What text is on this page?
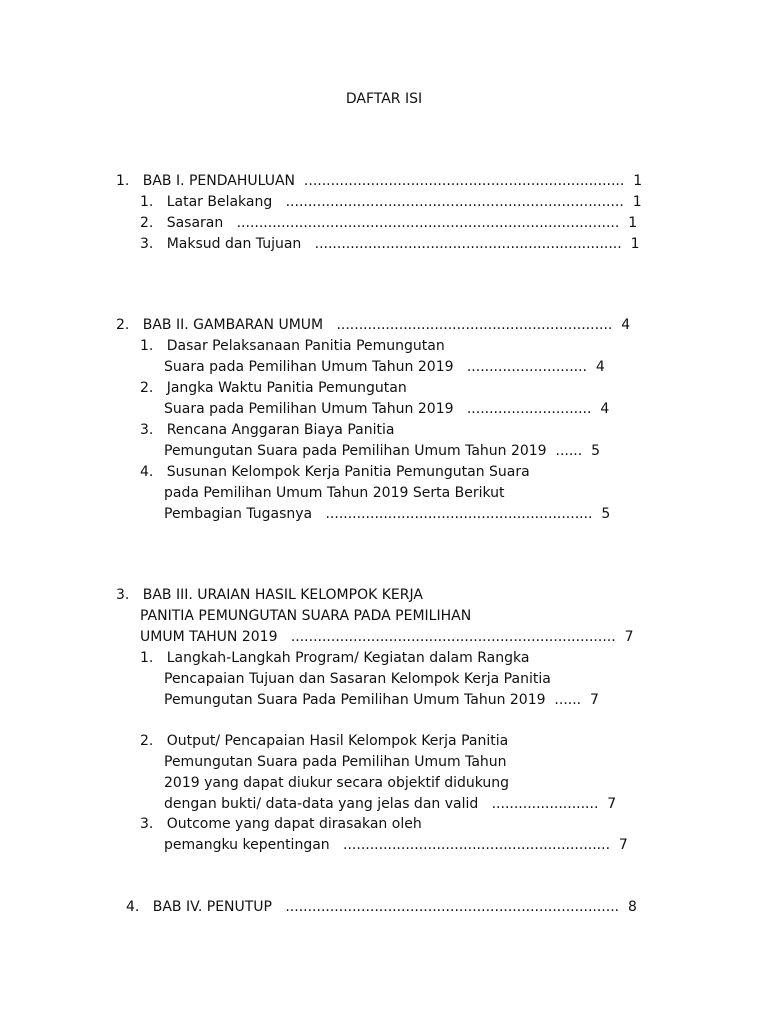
DAFTAR ISI
1.   BAB I. PENDAHULUAN  ........................................................................  1
1.   Latar Belakang   ............................................................................  1
2.   Sasaran   ......................................................................................  1
3.   Maksud dan Tujuan   .....................................................................  1
2.   BAB II. GAMBARAN UMUM   ..............................................................  4
1.   Dasar Pelaksanaan Panitia Pemungutan
Suara pada Pemilihan Umum Tahun 2019   ...........................  4
2.   Jangka Waktu Panitia Pemungutan
Suara pada Pemilihan Umum Tahun 2019   ............................  4
3.   Rencana Anggaran Biaya Panitia
Pemungutan Suara pada Pemilihan Umum Tahun 2019  ......  5
4.   Susunan Kelompok Kerja Panitia Pemungutan Suara
pada Pemilihan Umum Tahun 2019 Serta Berikut
Pembagian Tugasnya   ............................................................  5
3.   BAB III. URAIAN HASIL KELOMPOK KERJA
PANITIA PEMUNGUTAN SUARA PADA PEMILIHAN
UMUM TAHUN 2019   .........................................................................  7
1.   Langkah-Langkah Program/ Kegiatan dalam Rangka
Pencapaian Tujuan dan Sasaran Kelompok Kerja Panitia
Pemungutan Suara Pada Pemilihan Umum Tahun 2019  ......  7
2.   Output/ Pencapaian Hasil Kelompok Kerja Panitia
Pemungutan Suara pada Pemilihan Umum Tahun
2019 yang dapat diukur secara objektif didukung
dengan bukti/ data-data yang jelas dan valid   ........................  7
3.   Outcome yang dapat dirasakan oleh
pemangku kepentingan   ............................................................  7
4.   BAB IV. PENUTUP   ...........................................................................  8
